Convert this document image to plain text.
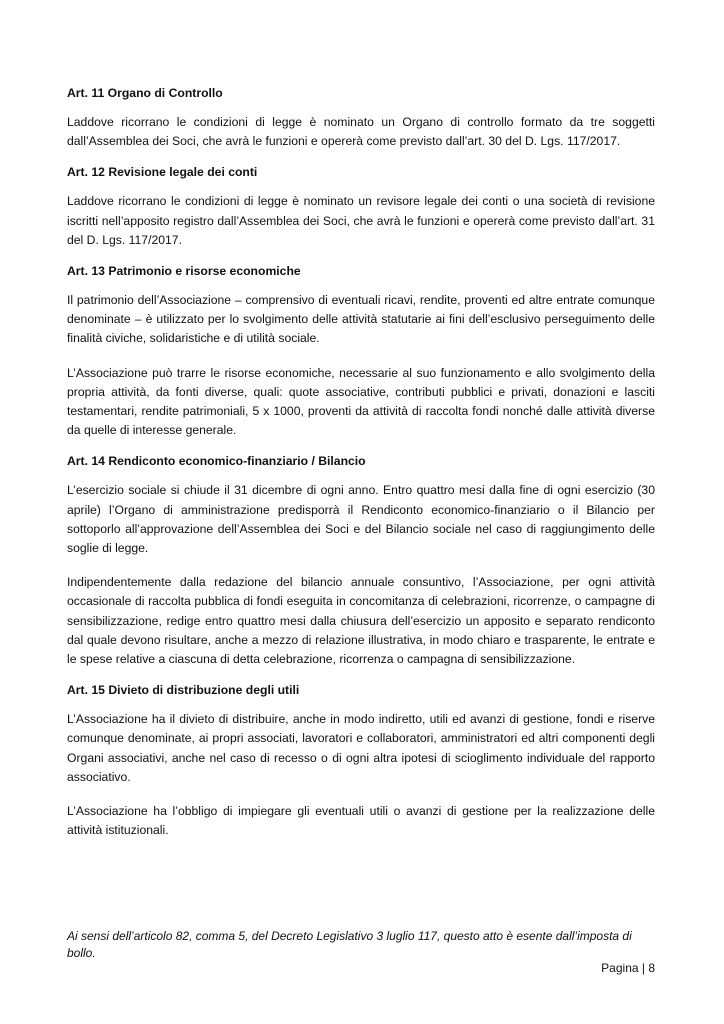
Art. 11 Organo di Controllo

Laddove ricorrano le condizioni di legge è nominato un Organo di controllo formato da tre soggetti dall’Assemblea dei Soci, che avrà le funzioni e opererà come previsto dall’art. 30 del D. Lgs. 117/2017.

Art. 12 Revisione legale dei conti

Laddove ricorrano le condizioni di legge è nominato un revisore legale dei conti o una società di revisione iscritti nell’apposito registro dall’Assemblea dei Soci, che avrà le funzioni e opererà come previsto dall’art. 31 del D. Lgs. 117/2017.

Art. 13 Patrimonio e risorse economiche

Il patrimonio dell’Associazione – comprensivo di eventuali ricavi, rendite, proventi ed altre entrate comunque denominate – è utilizzato per lo svolgimento delle attività statutarie ai fini dell’esclusivo perseguimento delle finalità civiche, solidaristiche e di utilità sociale.

L’Associazione può trarre le risorse economiche, necessarie al suo funzionamento e allo svolgimento della propria attività, da fonti diverse, quali: quote associative, contributi pubblici e privati, donazioni e lasciti testamentari, rendite patrimoniali, 5 x 1000, proventi da attività di raccolta fondi nonché dalle attività diverse da quelle di interesse generale.

Art. 14 Rendiconto economico-finanziario / Bilancio

L’esercizio sociale si chiude il 31 dicembre di ogni anno. Entro quattro mesi dalla fine di ogni esercizio (30 aprile) l’Organo di amministrazione predisporrà il Rendiconto economico-finanziario o il Bilancio per sottoporlo all’approvazione dell’Assemblea dei Soci e del Bilancio sociale nel caso di raggiungimento delle soglie di legge.

Indipendentemente dalla redazione del bilancio annuale consuntivo, l’Associazione, per ogni attività occasionale di raccolta pubblica di fondi eseguita in concomitanza di celebrazioni, ricorrenze, o campagne di sensibilizzazione, redige entro quattro mesi dalla chiusura dell’esercizio un apposito e separato rendiconto dal quale devono risultare, anche a mezzo di relazione illustrativa, in modo chiaro e trasparente, le entrate e le spese relative a ciascuna di detta celebrazione, ricorrenza o campagna di sensibilizzazione.

Art. 15 Divieto di distribuzione degli utili

L’Associazione ha il divieto di distribuire, anche in modo indiretto, utili ed avanzi di gestione, fondi e riserve comunque denominate, ai propri associati, lavoratori e collaboratori, amministratori ed altri componenti degli Organi associativi, anche nel caso di recesso o di ogni altra ipotesi di scioglimento individuale del rapporto associativo.

L’Associazione ha l’obbligo di impiegare gli eventuali utili o avanzi di gestione per la realizzazione delle attività istituzionali.

Ai sensi dell’articolo 82, comma 5, del Decreto Legislativo 3 luglio 117, questo atto è esente dall’imposta di bollo.
Pagina | 8
